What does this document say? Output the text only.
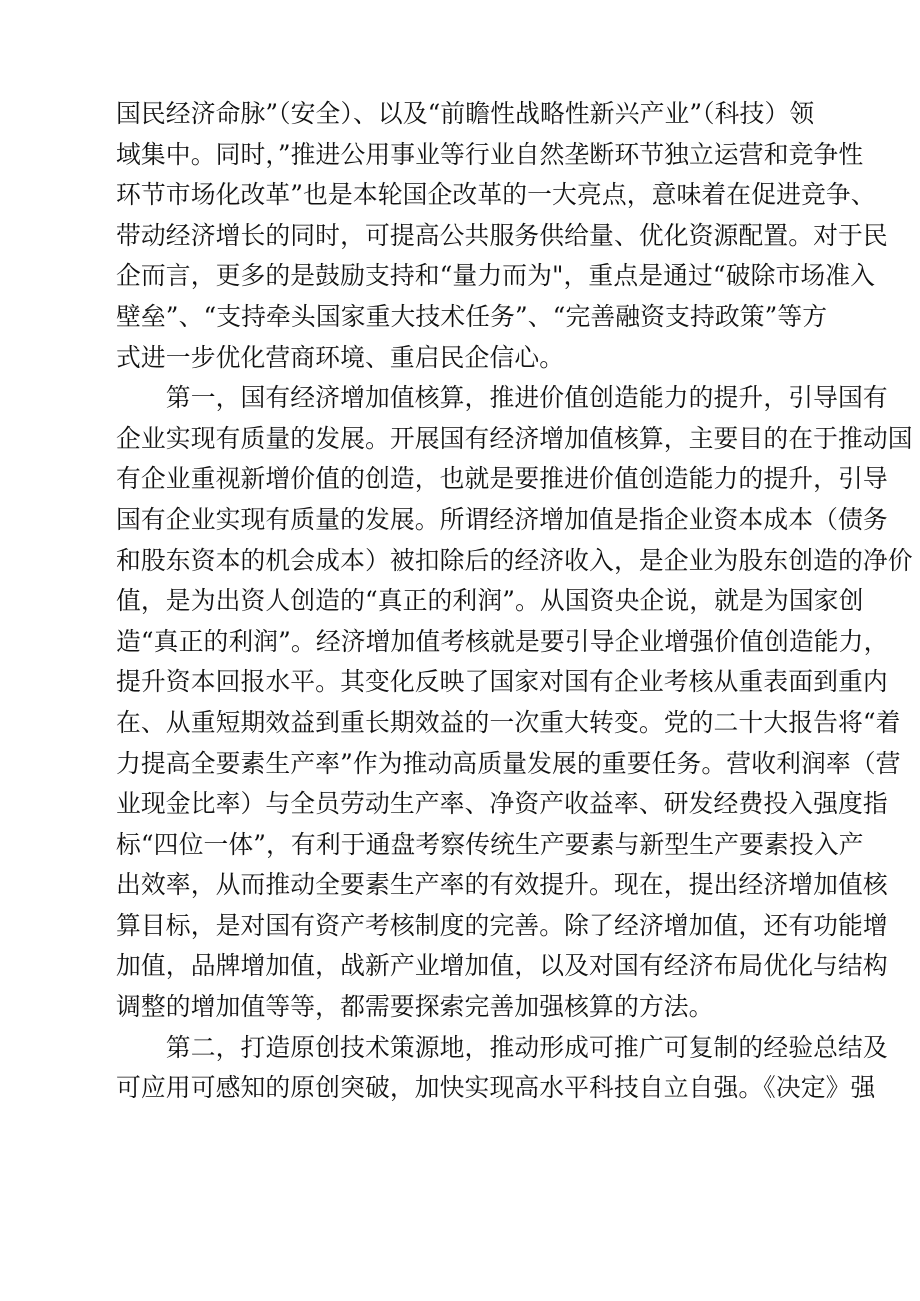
国民经济命脉”（安全）、以及“前瞻性战略性新兴产业”（科技）领
域集中。同时，”推进公用事业等行业自然垄断环节独立运营和竞争性
环节市场化改革”也是本轮国企改革的一大亮点，意味着在促进竞争、
带动经济增长的同时，可提高公共服务供给量、优化资源配置。对于民
企而言，更多的是鼓励支持和“量力而为"，重点是通过“破除市场准入
壁垒”、“支持牵头国家重大技术任务”、“完善融资支持政策”等方
式进一步优化营商环境、重启民企信心。
　　第一，国有经济增加值核算，推进价值创造能力的提升，引导国有
企业实现有质量的发展。开展国有经济增加值核算，主要目的在于推动国
有企业重视新增价值的创造，也就是要推进价值创造能力的提升，引导
国有企业实现有质量的发展。所谓经济增加值是指企业资本成本（债务
和股东资本的机会成本）被扣除后的经济收入，是企业为股东创造的净价
值，是为出资人创造的“真正的利润”。从国资央企说，就是为国家创
造“真正的利润”。经济增加值考核就是要引导企业增强价值创造能力，
提升资本回报水平。其变化反映了国家对国有企业考核从重表面到重内
在、从重短期效益到重长期效益的一次重大转变。党的二十大报告将“着
力提高全要素生产率”作为推动高质量发展的重要任务。营收利润率（营
业现金比率）与全员劳动生产率、净资产收益率、研发经费投入强度指
标“四位一体”，有利于通盘考察传统生产要素与新型生产要素投入产
出效率，从而推动全要素生产率的有效提升。现在，提出经济增加值核
算目标，是对国有资产考核制度的完善。除了经济增加值，还有功能增
加值，品牌增加值，战新产业增加值，以及对国有经济布局优化与结构
调整的增加值等等，都需要探索完善加强核算的方法。
　　第二，打造原创技术策源地，推动形成可推广可复制的经验总结及
可应用可感知的原创突破，加快实现高水平科技自立自强。《决定》强
